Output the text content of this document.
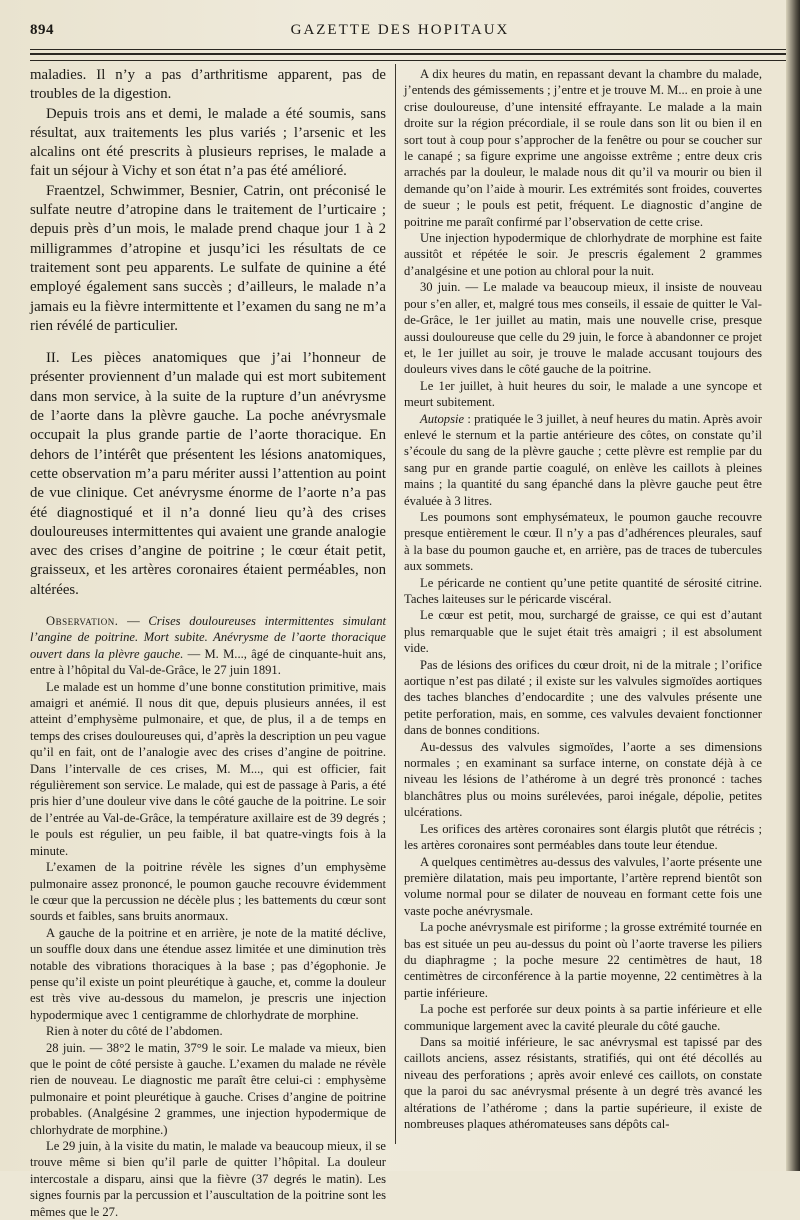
894	GAZETTE DES HOPITAUX

maladies. Il n’y a pas d’arthritisme apparent, pas de troubles de la digestion.

Depuis trois ans et demi, le malade a été soumis, sans résultat, aux traitements les plus variés ; l’arsenic et les alcalins ont été prescrits à plusieurs reprises, le malade a fait un séjour à Vichy et son état n’a pas été amélioré.

Fraentzel, Schwimmer, Besnier, Catrin, ont préconisé le sulfate neutre d’atropine dans le traitement de l’urticaire ; depuis près d’un mois, le malade prend chaque jour 1 à 2 milligrammes d’atropine et jusqu’ici les résultats de ce traitement sont peu apparents. Le sulfate de quinine a été employé également sans succès ; d’ailleurs, le malade n’a jamais eu la fièvre intermittente et l’examen du sang ne m’a rien révélé de particulier.

II. Les pièces anatomiques que j’ai l’honneur de présenter proviennent d’un malade qui est mort subitement dans mon service, à la suite de la rupture d’un anévrysme de l’aorte dans la plèvre gauche. La poche anévrysmale occupait la plus grande partie de l’aorte thoracique. En dehors de l’intérêt que présentent les lésions anatomiques, cette observation m’a paru mériter aussi l’attention au point de vue clinique. Cet anévrysme énorme de l’aorte n’a pas été diagnostiqué et il n’a donné lieu qu’à des crises douloureuses intermittentes qui avaient une grande analogie avec des crises d’angine de poitrine ; le cœur était petit, graisseux, et les artères coronaires étaient perméables, non altérées.

Observation. — Crises douloureuses intermittentes simulant l’angine de poitrine. Mort subite. Anévrysme de l’aorte thoracique ouvert dans la plèvre gauche. — M. M..., âgé de cinquante-huit ans, entre à l’hôpital du Val-de-Grâce, le 27 juin 1891.

Le malade est un homme d’une bonne constitution primitive, mais amaigri et anémié. Il nous dit que, depuis plusieurs années, il est atteint d’emphysème pulmonaire, et que, de plus, il a de temps en temps des crises douloureuses qui, d’après la description un peu vague qu’il en fait, ont de l’analogie avec des crises d’angine de poitrine. Dans l’intervalle de ces crises, M. M..., qui est officier, fait régulièrement son service. Le malade, qui est de passage à Paris, a été pris hier d’une douleur vive dans le côté gauche de la poitrine. Le soir de l’entrée au Val-de-Grâce, la température axillaire est de 39 degrés ; le pouls est régulier, un peu faible, il bat quatre-vingts fois à la minute.

L’examen de la poitrine révèle les signes d’un emphysème pulmonaire assez prononcé, le poumon gauche recouvre évidemment le cœur que la percussion ne décèle plus ; les battements du cœur sont sourds et faibles, sans bruits anormaux.

A gauche de la poitrine et en arrière, je note de la matité déclive, un souffle doux dans une étendue assez limitée et une diminution très notable des vibrations thoraciques à la base ; pas d’égophonie. Je pense qu’il existe un point pleurétique à gauche, et, comme la douleur est très vive au-dessous du mamelon, je prescris une injection hypodermique avec 1 centigramme de chlorhydrate de morphine.

Rien à noter du côté de l’abdomen.

28 juin. — 38°2 le matin, 37°9 le soir. Le malade va mieux, bien que le point de côté persiste à gauche. L’examen du malade ne révèle rien de nouveau. Le diagnostic me paraît être celui-ci : emphysème pulmonaire et point pleurétique à gauche. Crises d’angine de poitrine probables. (Analgésine 2 grammes, une injection hypodermique de chlorhydrate de morphine.)

Le 29 juin, à la visite du matin, le malade va beaucoup mieux, il se trouve même si bien qu’il parle de quitter l’hôpital. La douleur intercostale a disparu, ainsi que la fièvre (37 degrés le matin). Les signes fournis par la percussion et l’auscultation de la poitrine sont les mêmes que le 27.

A dix heures du matin, en repassant devant la chambre du malade, j’entends des gémissements ; j’entre et je trouve M. M... en proie à une crise douloureuse, d’une intensité effrayante. Le malade a la main droite sur la région précordiale, il se roule dans son lit ou bien il en sort tout à coup pour s’approcher de la fenêtre ou pour se coucher sur le canapé ; sa figure exprime une angoisse extrême ; entre deux cris arrachés par la douleur, le malade nous dit qu’il va mourir ou bien il demande qu’on l’aide à mourir. Les extrémités sont froides, couvertes de sueur ; le pouls est petit, fréquent. Le diagnostic d’angine de poitrine me paraît confirmé par l’observation de cette crise.

Une injection hypodermique de chlorhydrate de morphine est faite aussitôt et répétée le soir. Je prescris également 2 grammes d’analgésine et une potion au chloral pour la nuit.

30 juin. — Le malade va beaucoup mieux, il insiste de nouveau pour s’en aller, et, malgré tous mes conseils, il essaie de quitter le Val-de-Grâce, le 1er juillet au matin, mais une nouvelle crise, presque aussi douloureuse que celle du 29 juin, le force à abandonner ce projet et, le 1er juillet au soir, je trouve le malade accusant toujours des douleurs vives dans le côté gauche de la poitrine.

Le 1er juillet, à huit heures du soir, le malade a une syncope et meurt subitement.

Autopsie : pratiquée le 3 juillet, à neuf heures du matin. Après avoir enlevé le sternum et la partie antérieure des côtes, on constate qu’il s’écoule du sang de la plèvre gauche ; cette plèvre est remplie par du sang pur en grande partie coagulé, on enlève les caillots à pleines mains ; la quantité du sang épanché dans la plèvre gauche peut être évaluée à 3 litres.

Les poumons sont emphysémateux, le poumon gauche recouvre presque entièrement le cœur. Il n’y a pas d’adhérences pleurales, sauf à la base du poumon gauche et, en arrière, pas de traces de tubercules aux sommets.

Le péricarde ne contient qu’une petite quantité de sérosité citrine. Taches laiteuses sur le péricarde viscéral.

Le cœur est petit, mou, surchargé de graisse, ce qui est d’autant plus remarquable que le sujet était très amaigri ; il est absolument vide.

Pas de lésions des orifices du cœur droit, ni de la mitrale ; l’orifice aortique n’est pas dilaté ; il existe sur les valvules sigmoïdes aortiques des taches blanches d’endocardite ; une des valvules présente une petite perforation, mais, en somme, ces valvules devaient fonctionner dans de bonnes conditions.

Au-dessus des valvules sigmoïdes, l’aorte a ses dimensions normales ; en examinant sa surface interne, on constate déjà à ce niveau les lésions de l’athérome à un degré très prononcé : taches blanchâtres plus ou moins surélevées, paroi inégale, dépolie, petites ulcérations.

Les orifices des artères coronaires sont élargis plutôt que rétrécis ; les artères coronaires sont perméables dans toute leur étendue.

A quelques centimètres au-dessus des valvules, l’aorte présente une première dilatation, mais peu importante, l’artère reprend bientôt son volume normal pour se dilater de nouveau en formant cette fois une vaste poche anévrysmale.

La poche anévrysmale est piriforme ; la grosse extrémité tournée en bas est située un peu au-dessus du point où l’aorte traverse les piliers du diaphragme ; la poche mesure 22 centimètres de haut, 18 centimètres de circonférence à la partie moyenne, 22 centimètres à la partie inférieure.

La poche est perforée sur deux points à sa partie inférieure et elle communique largement avec la cavité pleurale du côté gauche.

Dans sa moitié inférieure, le sac anévrysmal est tapissé par des caillots anciens, assez résistants, stratifiés, qui ont été décollés au niveau des perforations ; après avoir enlevé ces caillots, on constate que la paroi du sac anévrysmal présente à un degré très avancé les altérations de l’athérome ; dans la partie supérieure, il existe de nombreuses plaques athéromateuses sans dépôts cal-
